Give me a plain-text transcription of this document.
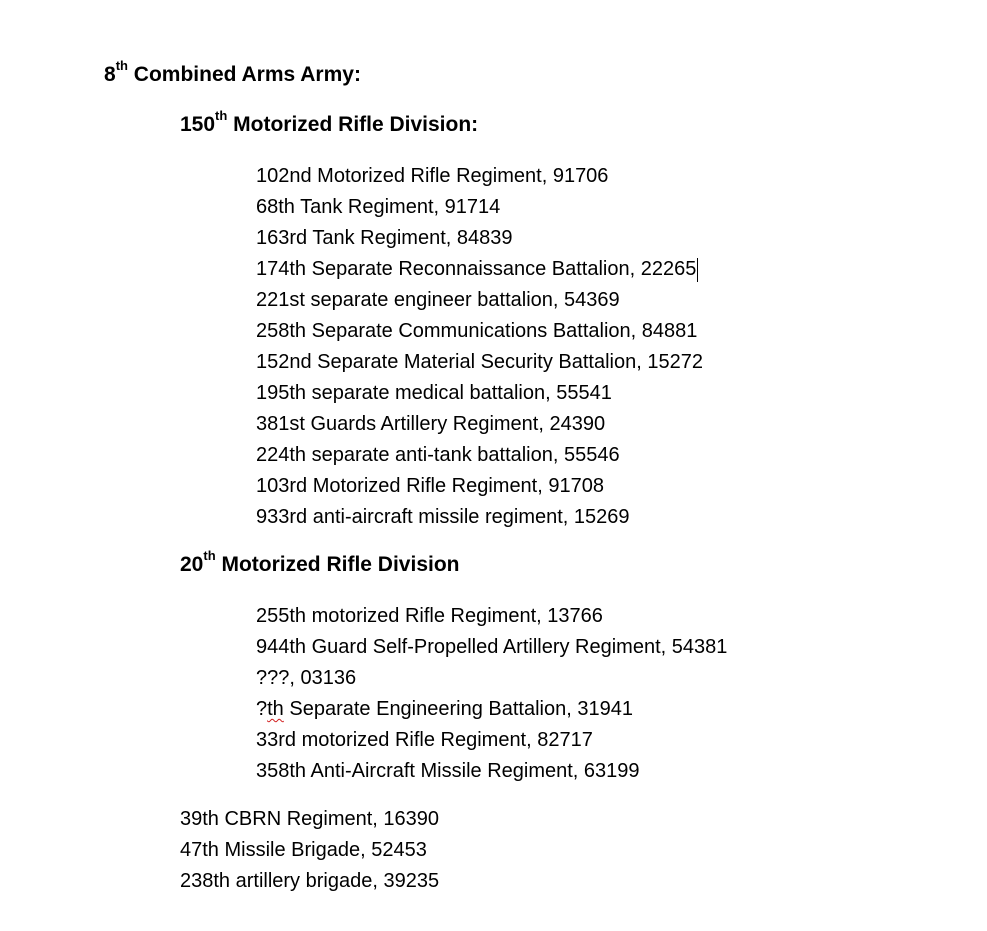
8th Combined Arms Army:
150th Motorized Rifle Division:
102nd Motorized Rifle Regiment, 91706
68th Tank Regiment, 91714
163rd Tank Regiment, 84839
174th Separate Reconnaissance Battalion, 22265
221st separate engineer battalion, 54369
258th Separate Communications Battalion, 84881
152nd Separate Material Security Battalion, 15272
195th separate medical battalion, 55541
381st Guards Artillery Regiment, 24390
224th separate anti-tank battalion, 55546
103rd Motorized Rifle Regiment, 91708
933rd anti-aircraft missile regiment, 15269
20th Motorized Rifle Division
255th motorized Rifle Regiment, 13766
944th Guard Self-Propelled Artillery Regiment, 54381
???, 03136
?th Separate Engineering Battalion, 31941
33rd motorized Rifle Regiment, 82717
358th Anti-Aircraft Missile Regiment, 63199
39th CBRN Regiment, 16390
47th Missile Brigade, 52453
238th artillery brigade, 39235
